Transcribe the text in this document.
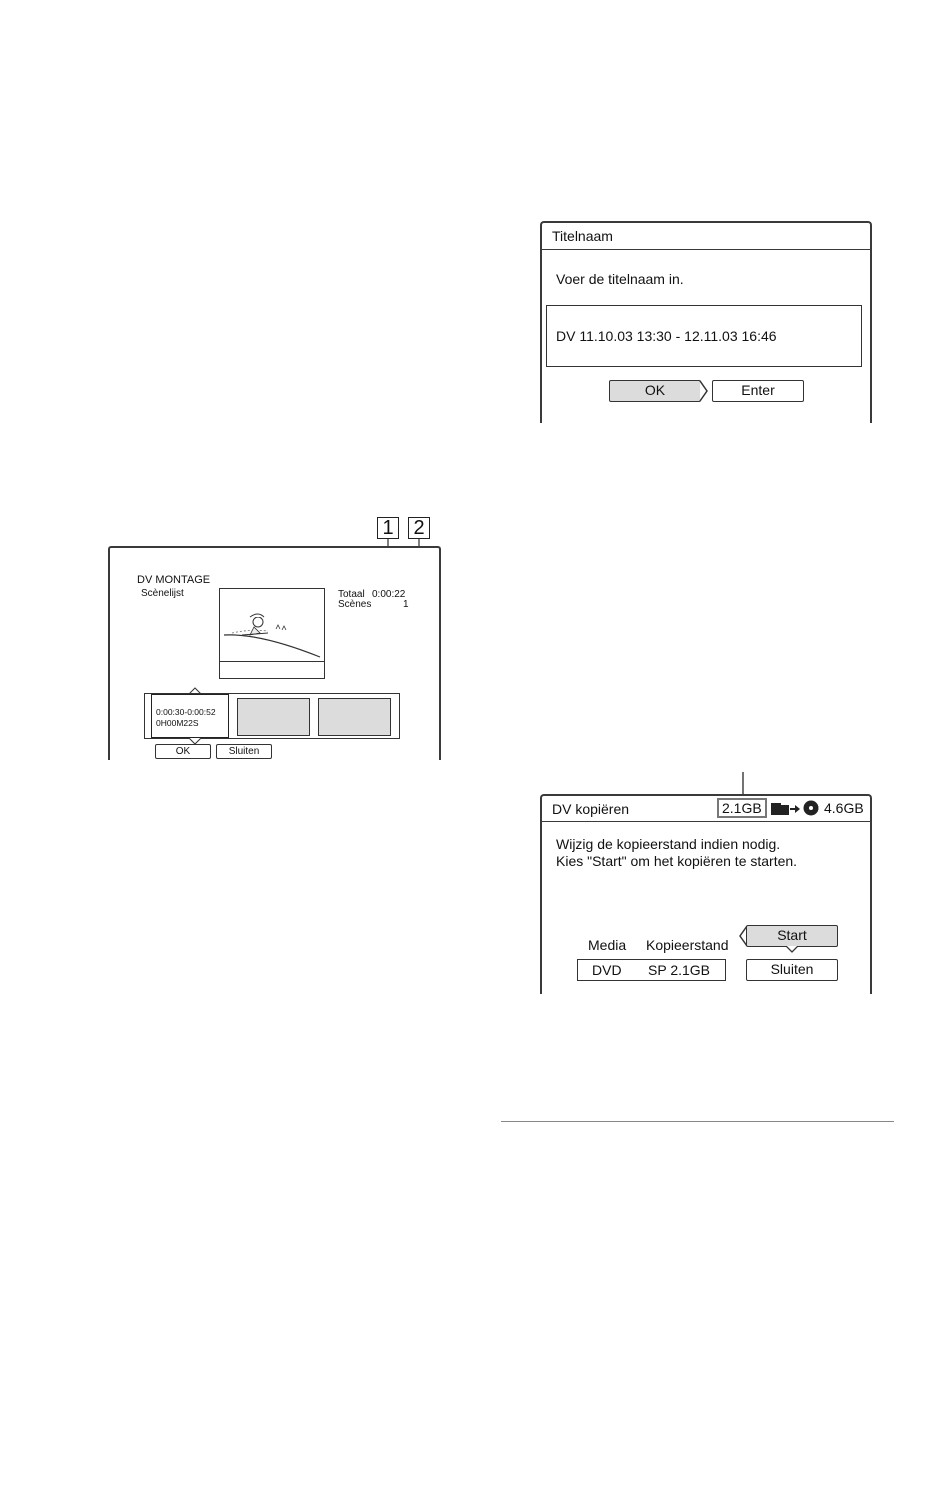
Titelnaam
Voer de titelnaam in.
DV 11.10.03 13:30 - 12.11.03 16:46
OK	Enter
1 2
DV MONTAGE
Scènelijst	Totaal 0:00:22
Scènes	1
0:00:30-0:00:52
0H00M22S
OK	Sluiten
DV kopiëren	2.1GB	4.6GB
Wijzig de kopieerstand indien nodig.
Kies "Start" om het kopiëren te starten.
Media Kopieerstand
DVD SP 2.1GB
Start
Sluiten
